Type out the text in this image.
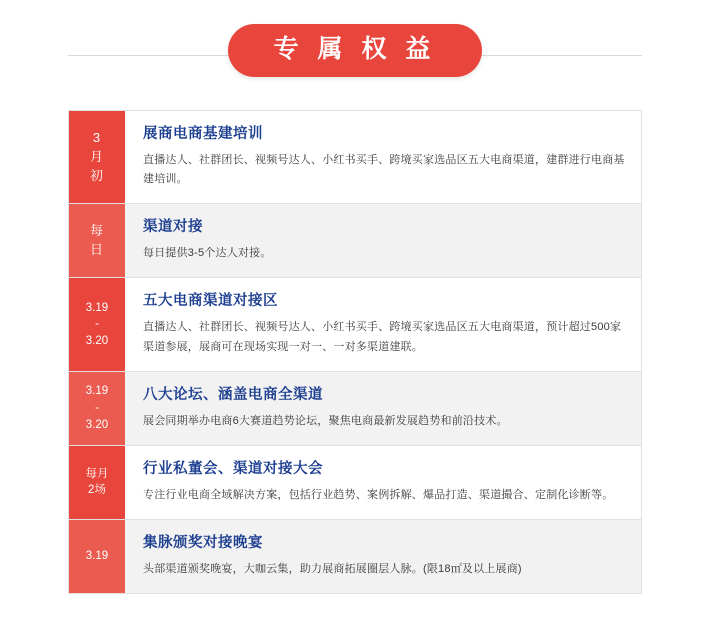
专 属 权 益
3
月
初

展商电商基建培训

直播达人、社群团长、视频号达人、小红书买手、跨境买家选品区五大电商渠道，建群进行电商基建培训。

每
日

渠道对接

每日提供3-5个达人对接。

3.19
-
3.20

五大电商渠道对接区

直播达人、社群团长、视频号达人、小红书买手、跨境买家选品区五大电商渠道，预计超过500家渠道参展，展商可在现场实现一对一、一对多渠道建联。

3.19
-
3.20

八大论坛、涵盖电商全渠道

展会同期举办电商6大赛道趋势论坛，聚焦电商最新发展趋势和前沿技术。

每月
2场

行业私董会、渠道对接大会

专注行业电商全域解决方案，包括行业趋势、案例拆解、爆品打造、渠道撮合、定制化诊断等。

3.19

集脉颁奖对接晚宴

头部渠道颁奖晚宴，大咖云集，助力展商拓展圈层人脉。(限18㎡及以上展商)
